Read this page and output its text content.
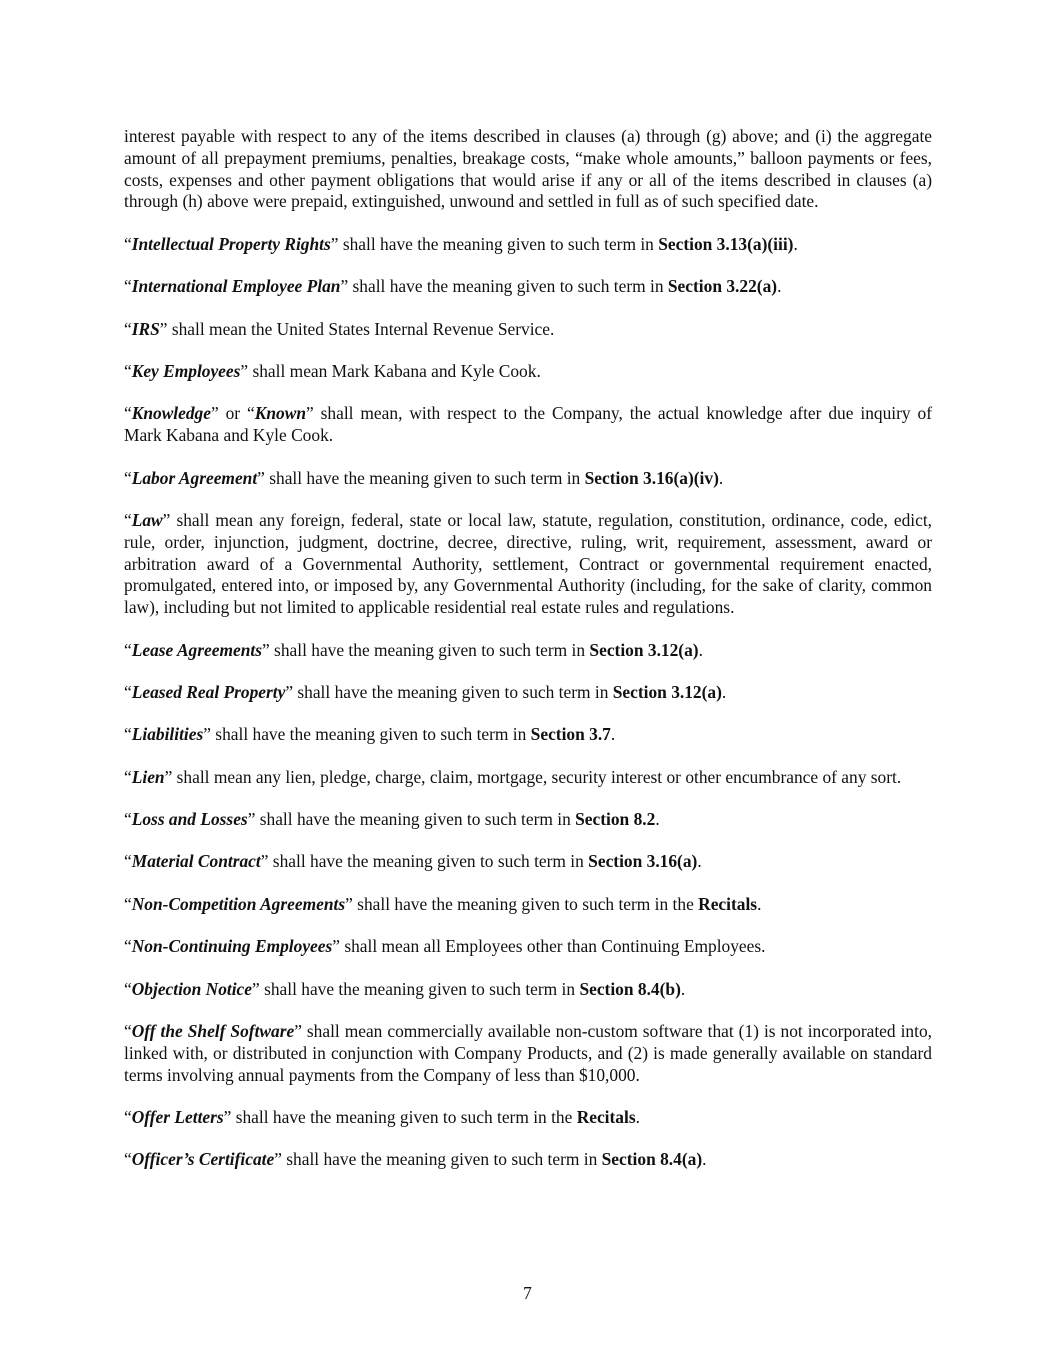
interest payable with respect to any of the items described in clauses (a) through (g) above; and (i) the aggregate amount of all prepayment premiums, penalties, breakage costs, “make whole amounts,” balloon payments or fees, costs, expenses and other payment obligations that would arise if any or all of the items described in clauses (a) through (h) above were prepaid, extinguished, unwound and settled in full as of such specified date.

“Intellectual Property Rights” shall have the meaning given to such term in Section 3.13(a)(iii).

“International Employee Plan” shall have the meaning given to such term in Section 3.22(a).

“IRS” shall mean the United States Internal Revenue Service.

“Key Employees” shall mean Mark Kabana and Kyle Cook.

“Knowledge” or “Known” shall mean, with respect to the Company, the actual knowledge after due inquiry of Mark Kabana and Kyle Cook.

“Labor Agreement” shall have the meaning given to such term in Section 3.16(a)(iv).

“Law” shall mean any foreign, federal, state or local law, statute, regulation, constitution, ordinance, code, edict, rule, order, injunction, judgment, doctrine, decree, directive, ruling, writ, requirement, assessment, award or arbitration award of a Governmental Authority, settlement, Contract or governmental requirement enacted, promulgated, entered into, or imposed by, any Governmental Authority (including, for the sake of clarity, common law), including but not limited to applicable residential real estate rules and regulations.

“Lease Agreements” shall have the meaning given to such term in Section 3.12(a).

“Leased Real Property” shall have the meaning given to such term in Section 3.12(a).

“Liabilities” shall have the meaning given to such term in Section 3.7.

“Lien” shall mean any lien, pledge, charge, claim, mortgage, security interest or other encumbrance of any sort.

“Loss and Losses” shall have the meaning given to such term in Section 8.2.

“Material Contract” shall have the meaning given to such term in Section 3.16(a).

“Non-Competition Agreements” shall have the meaning given to such term in the Recitals.

“Non-Continuing Employees” shall mean all Employees other than Continuing Employees.

“Objection Notice” shall have the meaning given to such term in Section 8.4(b).

“Off the Shelf Software” shall mean commercially available non-custom software that (1) is not incorporated into, linked with, or distributed in conjunction with Company Products, and (2) is made generally available on standard terms involving annual payments from the Company of less than $10,000.

“Offer Letters” shall have the meaning given to such term in the Recitals.

“Officer’s Certificate” shall have the meaning given to such term in Section 8.4(a).

7
